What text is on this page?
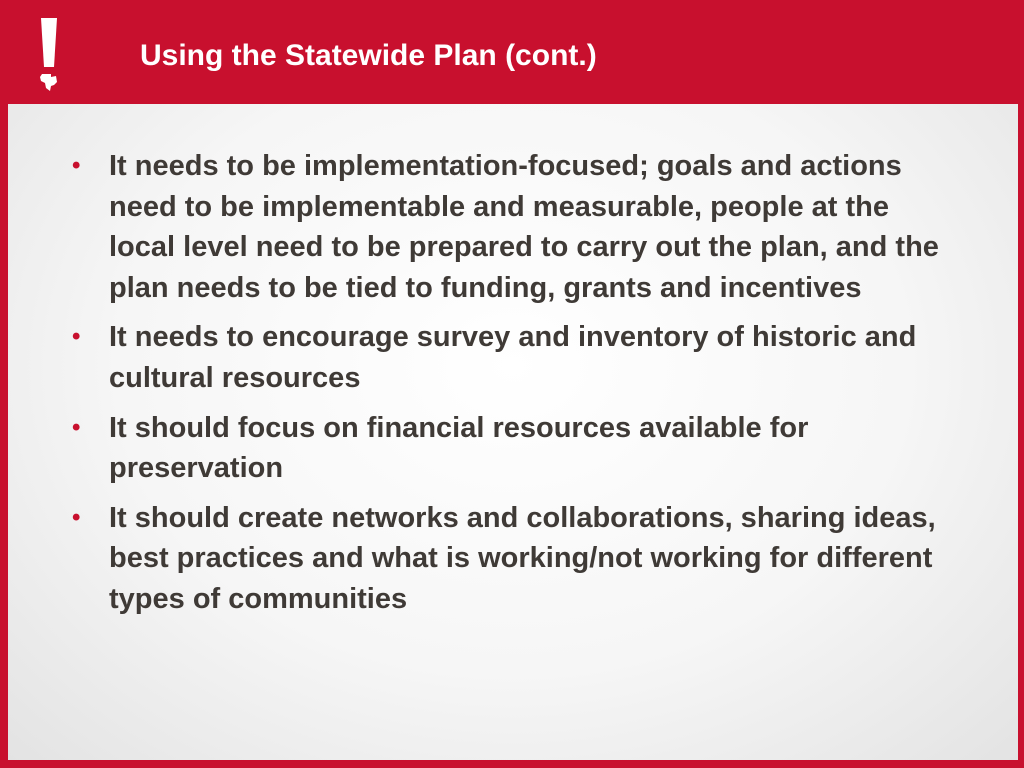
Using the Statewide Plan (cont.)
• It needs to be implementation-focused; goals and actions need to be implementable and measurable, people at the local level need to be prepared to carry out the plan, and the plan needs to be tied to funding, grants and incentives
• It needs to encourage survey and inventory of historic and cultural resources
• It should focus on financial resources available for preservation
• It should create networks and collaborations, sharing ideas, best practices and what is working/not working for different types of communities
